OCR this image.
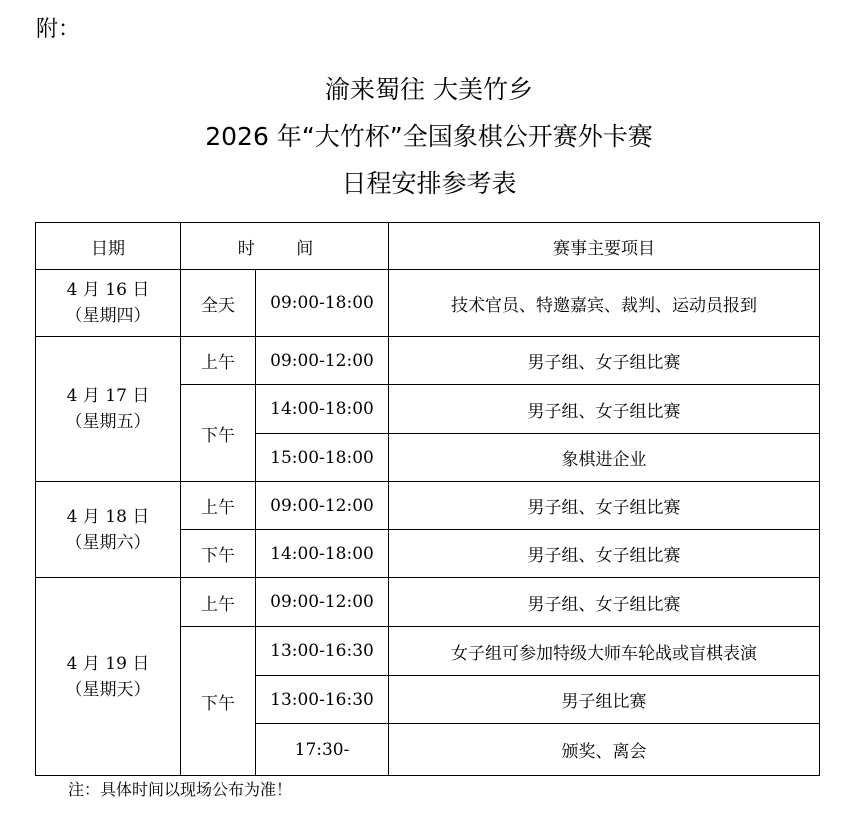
附：
渝来蜀往 大美竹乡
2026 年“大竹杯”全国象棋公开赛外卡赛
日程安排参考表
日期	时 间		赛事主要项目

4 月 16 日
（星期四）	全天	09:00-18:00	技术官员、特邀嘉宾、裁判、运动员报到

4 月 17 日
（星期五）	上午	09:00-12:00	男子组、女子组比赛
	下午	14:00-18:00	男子组、女子组比赛
		15:00-18:00	象棋进企业

4 月 18 日
（星期六）	上午	09:00-12:00	男子组、女子组比赛
	下午	14:00-18:00	男子组、女子组比赛

4 月 19 日
（星期天）	上午	09:00-12:00	男子组、女子组比赛
	下午	13:00-16:30	女子组可参加特级大师车轮战或盲棋表演
		13:00-16:30	男子组比赛
		17:30-	颁奖、离会
注：具体时间以现场公布为准！
